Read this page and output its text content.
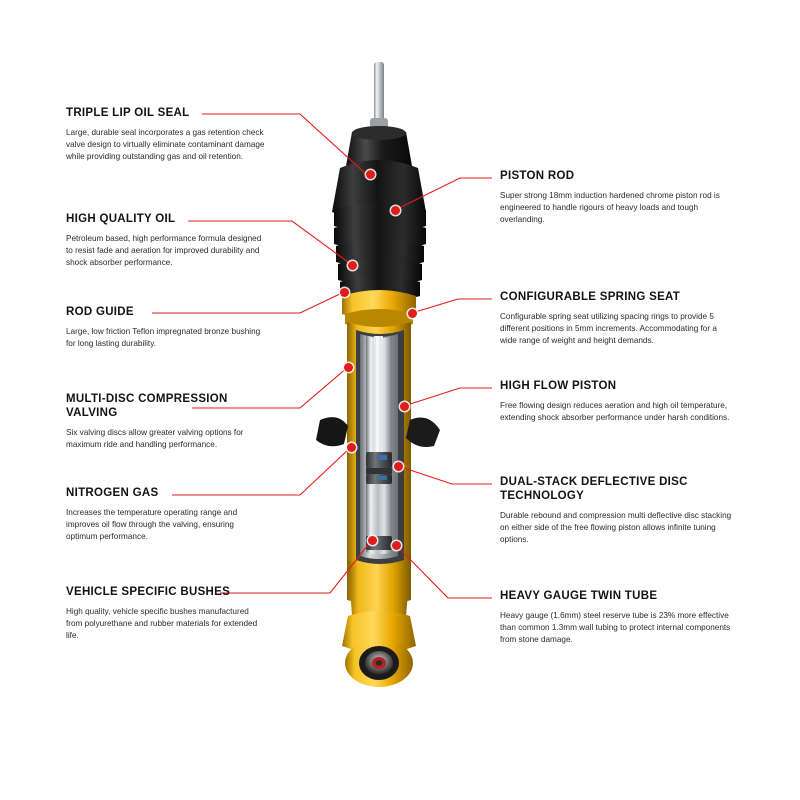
TRIPLE LIP OIL SEAL
Large, durable seal incorporates a gas retention check valve design to virtually eliminate contaminant damage while providing outstanding gas and oil retention.
HIGH QUALITY OIL
Petroleum based, high performance formula designed to resist fade and aeration for improved durability and shock absorber performance.
ROD GUIDE
Large, low friction Teflon impregnated bronze bushing for long lasting durability.
MULTI-DISC COMPRESSION VALVING
Six valving discs allow greater valving options for maximum ride and handling performance.
NITROGEN GAS
Increases the temperature operating range and improves oil flow through the valving, ensuring optimum performance.
VEHICLE SPECIFIC BUSHES
High quality, vehicle specific bushes manufactured from polyurethane and rubber materials for extended life.
PISTON ROD
Super strong 18mm induction hardened chrome piston rod is engineered to handle rigours of heavy loads and tough overlanding.
CONFIGURABLE SPRING SEAT
Configurable spring seat utilizing spacing rings to provide 5 different positions in 5mm increments. Accommodating for a wide range of weight and height demands.
HIGH FLOW PISTON
Free flowing design reduces aeration and high oil temperature, extending shock absorber performance under harsh conditions.
DUAL-STACK DEFLECTIVE DISC TECHNOLOGY
Durable rebound and compression multi deflective disc stacking on either side of the free flowing piston allows infinite tuning options.
HEAVY GAUGE TWIN TUBE
Heavy gauge (1.6mm) steel reserve tube is 23% more effective than common 1.3mm wall tubing to protect internal components from stone damage.
